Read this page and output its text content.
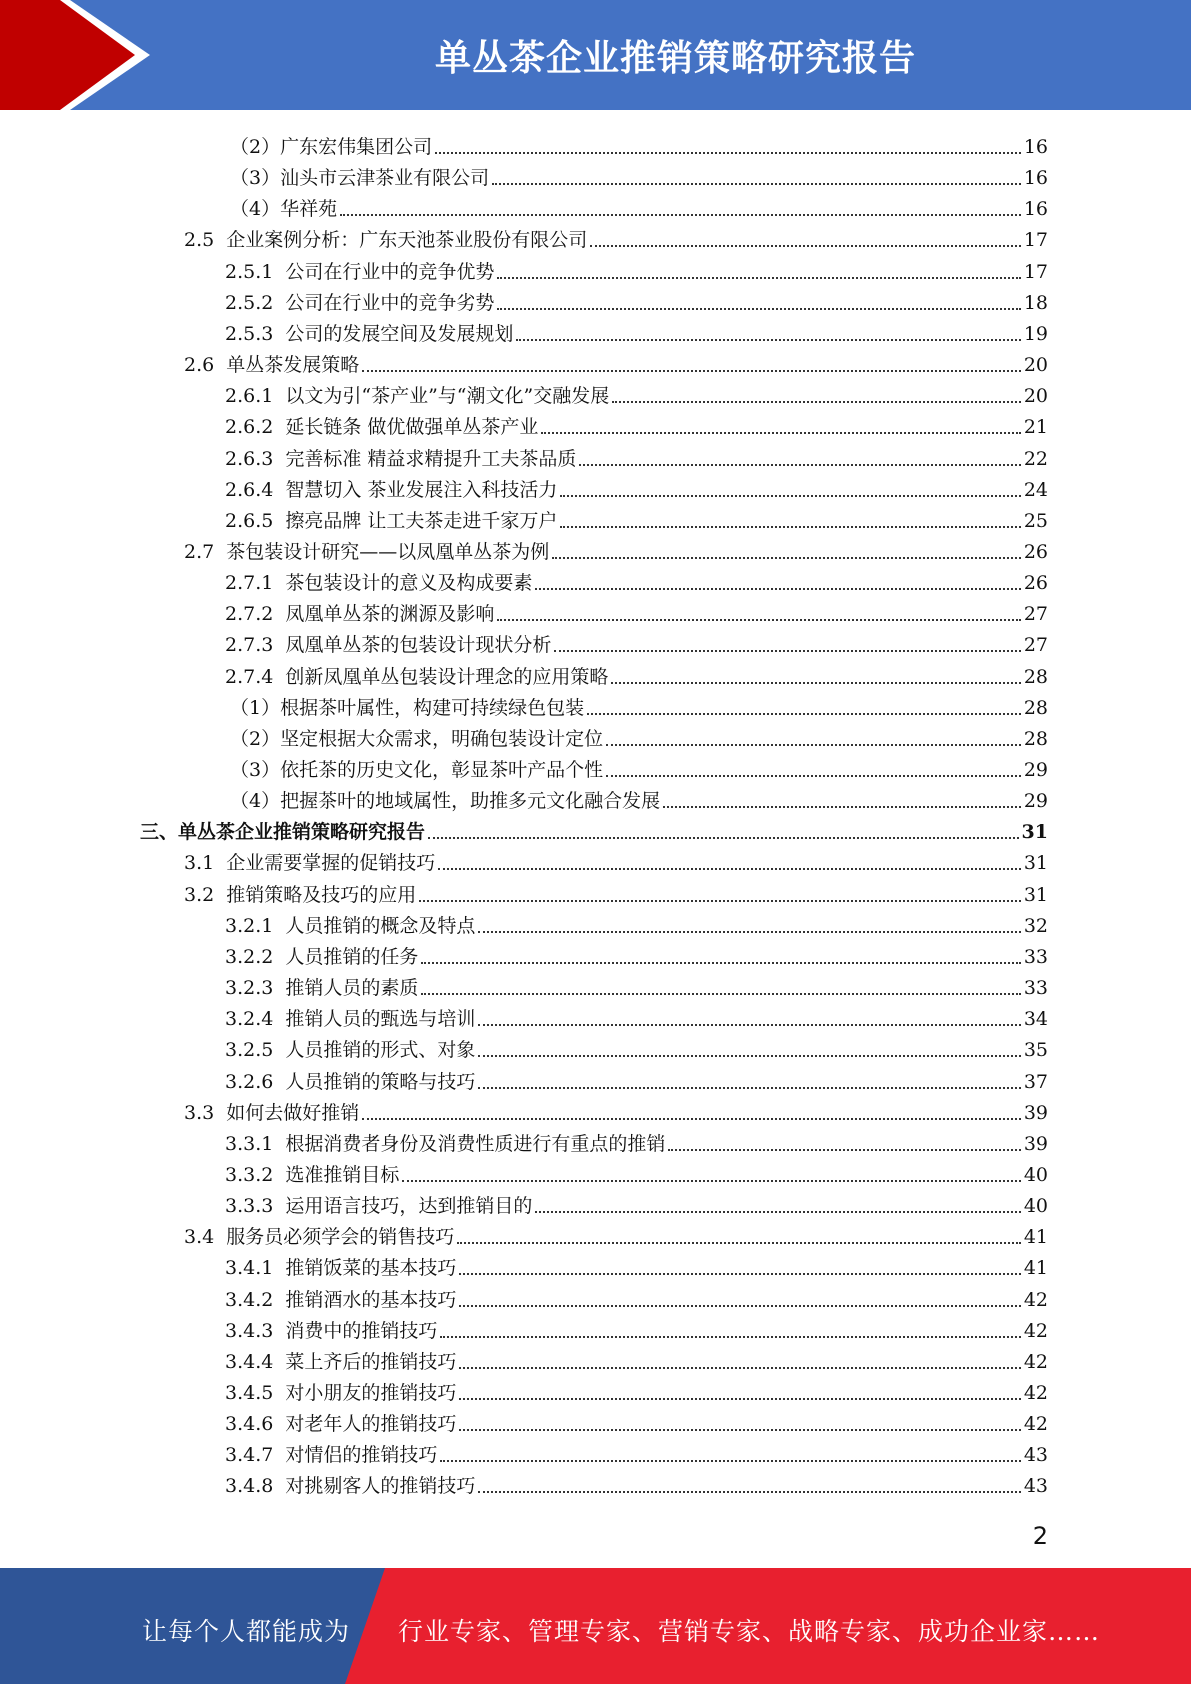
单丛茶企业推销策略研究报告
（2）广东宏伟集团公司	16
（3）汕头市云津茶业有限公司	16
（4）华祥苑	16
2.5 企业案例分析：广东天池茶业股份有限公司	17
2.5.1 公司在行业中的竞争优势	17
2.5.2 公司在行业中的竞争劣势	18
2.5.3 公司的发展空间及发展规划	19
2.6 单丛茶发展策略	20
2.6.1 以文为引“茶产业”与“潮文化”交融发展	20
2.6.2 延长链条 做优做强单丛茶产业	21
2.6.3 完善标准 精益求精提升工夫茶品质	22
2.6.4 智慧切入 茶业发展注入科技活力	24
2.6.5 擦亮品牌 让工夫茶走进千家万户	25
2.7 茶包装设计研究——以凤凰单丛茶为例	26
2.7.1 茶包装设计的意义及构成要素	26
2.7.2 凤凰单丛茶的渊源及影响	27
2.7.3 凤凰单丛茶的包装设计现状分析	27
2.7.4 创新凤凰单丛包装设计理念的应用策略	28
（1）根据茶叶属性，构建可持续绿色包装	28
（2）坚定根据大众需求，明确包装设计定位	28
（3）依托茶的历史文化，彰显茶叶产品个性	29
（4）把握茶叶的地域属性，助推多元文化融合发展	29
三、单丛茶企业推销策略研究报告	31
3.1 企业需要掌握的促销技巧	31
3.2 推销策略及技巧的应用	31
3.2.1 人员推销的概念及特点	32
3.2.2 人员推销的任务	33
3.2.3 推销人员的素质	33
3.2.4 推销人员的甄选与培训	34
3.2.5 人员推销的形式、对象	35
3.2.6 人员推销的策略与技巧	37
3.3 如何去做好推销	39
3.3.1 根据消费者身份及消费性质进行有重点的推销	39
3.3.2 选准推销目标	40
3.3.3 运用语言技巧，达到推销目的	40
3.4 服务员必须学会的销售技巧	41
3.4.1 推销饭菜的基本技巧	41
3.4.2 推销酒水的基本技巧	42
3.4.3 消费中的推销技巧	42
3.4.4 菜上齐后的推销技巧	42
3.4.5 对小朋友的推销技巧	42
3.4.6 对老年人的推销技巧	42
3.4.7 对情侣的推销技巧	43
3.4.8 对挑剔客人的推销技巧	43
2
让每个人都能成为 行业专家、管理专家、营销专家、战略专家、成功企业家……
